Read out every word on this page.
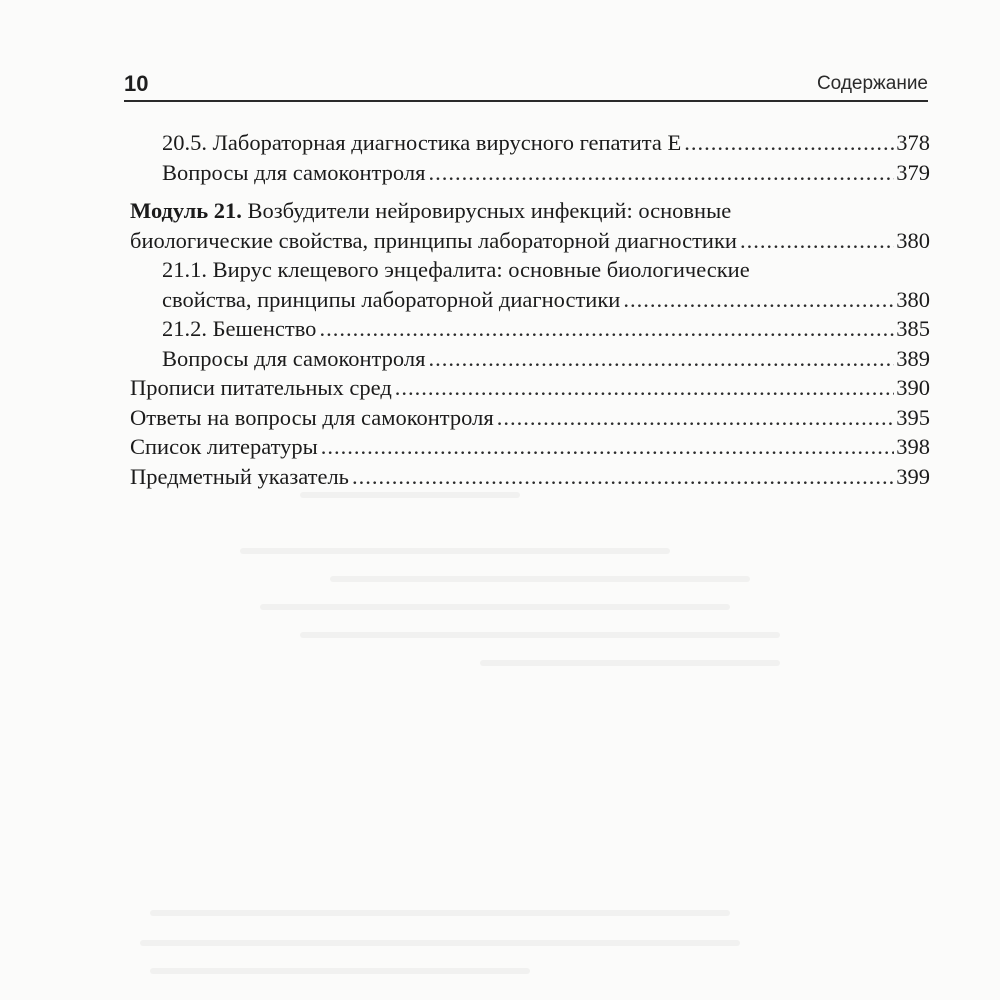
10	Содержание
20.5. Лабораторная диагностика вирусного гепатита Е .....	378
Вопросы для самоконтроля .....	379
Модуль 21. Возбудители нейровирусных инфекций: основные
биологические свойства, принципы лабораторной диагностики .....	380
21.1. Вирус клещевого энцефалита: основные биологические
свойства, принципы лабораторной диагностики .....	380
21.2. Бешенство .....	385
Вопросы для самоконтроля .....	389
Прописи питательных сред .....	390
Ответы на вопросы для самоконтроля .....	395
Список литературы .....	398
Предметный указатель .....	399
